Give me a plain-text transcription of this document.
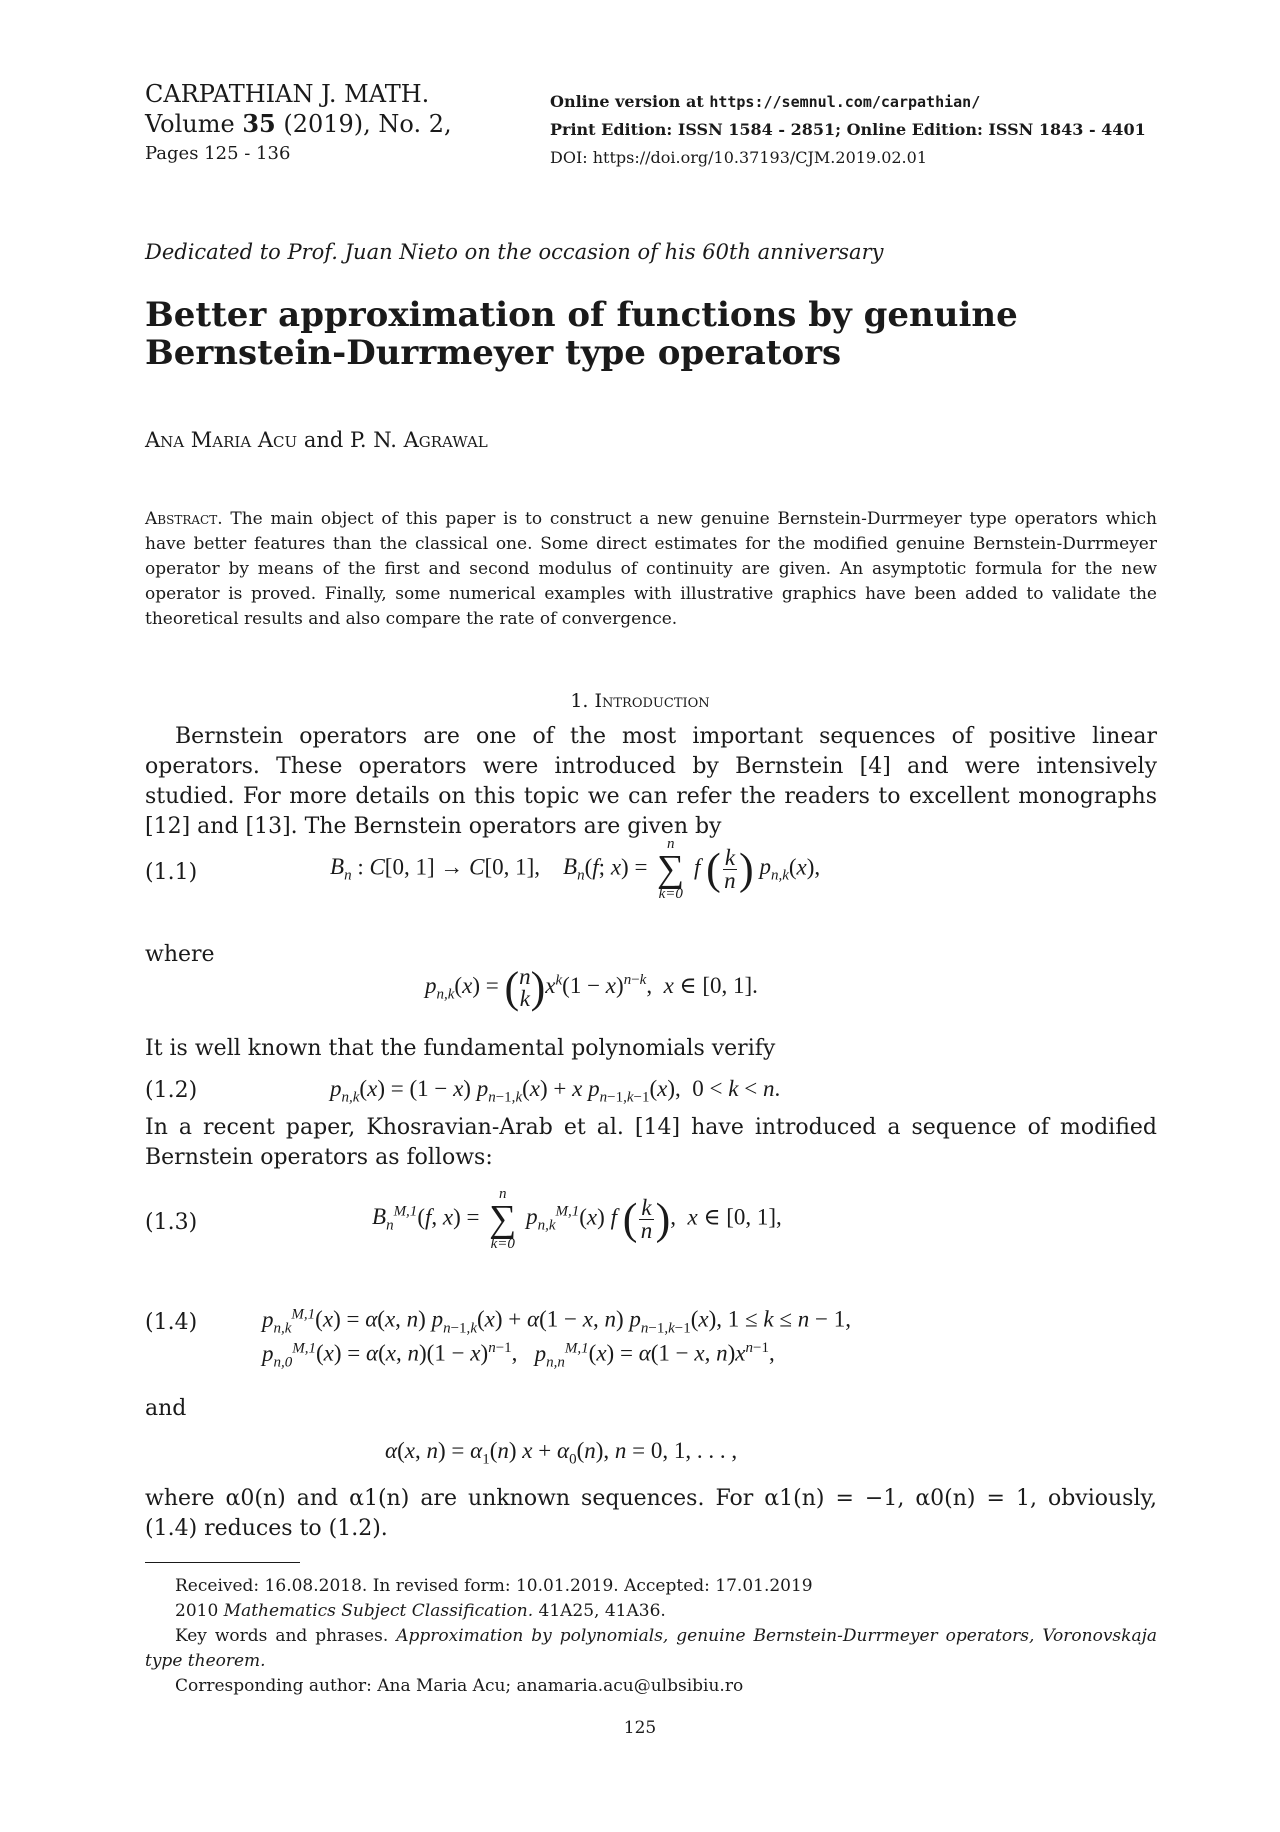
CARPATHIAN J. MATH.
Volume 35 (2019), No. 2,
Pages 125 - 136
Online version at https://semnul.com/carpathian/
Print Edition: ISSN 1584 - 2851; Online Edition: ISSN 1843 - 4401
DOI: https://doi.org/10.37193/CJM.2019.02.01
Dedicated to Prof. Juan Nieto on the occasion of his 60th anniversary
Better approximation of functions by genuine
Bernstein-Durrmeyer type operators
Ana Maria Acu and P. N. Agrawal
Abstract. The main object of this paper is to construct a new genuine Bernstein-Durrmeyer type operators which have better features than the classical one. Some direct estimates for the modified genuine Bernstein-Durrmeyer operator by means of the first and second modulus of continuity are given. An asymptotic formula for the new operator is proved. Finally, some numerical examples with illustrative graphics have been added to validate the theoretical results and also compare the rate of convergence.
1. Introduction
Bernstein operators are one of the most important sequences of positive linear operators. These operators were introduced by Bernstein [4] and were intensively studied. For more details on this topic we can refer the readers to excellent monographs [12] and [13]. The Bernstein operators are given by
(1.1)	$B_n$ : C[0, 1] → C[0, 1],    $B_n(f$; x) =
n
∑
k=0
f ( $\frac{k}{n}$ ) $p_{n,k}(x)$,
where
$p_{n,k}(x)$ = ( n
k )$x^k(1 - x)^{n-k}$,  x ∈ [0, 1].
It is well known that the fundamental polynomials verify
(1.2)	$p_{n,k}(x) = (1 - x) p_{n-1,k}(x) + x$ $p_{n-1,k-1}(x)$,  0 < k < n.
In a recent paper, Khosravian-Arab et al. [14] have introduced a sequence of modified Bernstein operators as follows:
(1.3)	$B_n^{M,1}(f$, x) =
n
∑
k=0
$p_{n,k}^{M,1}(x)$ f ( $\frac{k}{n}$ ),  x ∈ [0, 1],
(1.4)	$p_{n,k}^{M,1}(x) = \alpha(x$, n) $p_{n-1,k}(x) + \alpha(1 - x$, n) $p_{n-1,k-1}(x)$, 1 ≤ k ≤ n − 1,
$p_{n,0}^{M,1}(x) = \alpha(x$, $n)(1 - x)^{n-1}$,   $p_{n,n}^{M,1}(x) = \alpha(1 - x$, $n)x^{n-1}$,
and
α(x, $n) = \alpha_1(n) x + \alpha_0(n)$, n = 0, 1, . . . ,
where α0(n) and α1(n) are unknown sequences. For α1(n) = −1, α0(n) = 1, obviously, (1.4) reduces to (1.2).
Received: 16.08.2018. In revised form: 10.01.2019. Accepted: 17.01.2019
2010 Mathematics Subject Classification. 41A25, 41A36.
Key words and phrases. Approximation by polynomials, genuine Bernstein-Durrmeyer operators, Voronovskaja type theorem.
Corresponding author: Ana Maria Acu; anamaria.acu@ulbsibiu.ro
125
